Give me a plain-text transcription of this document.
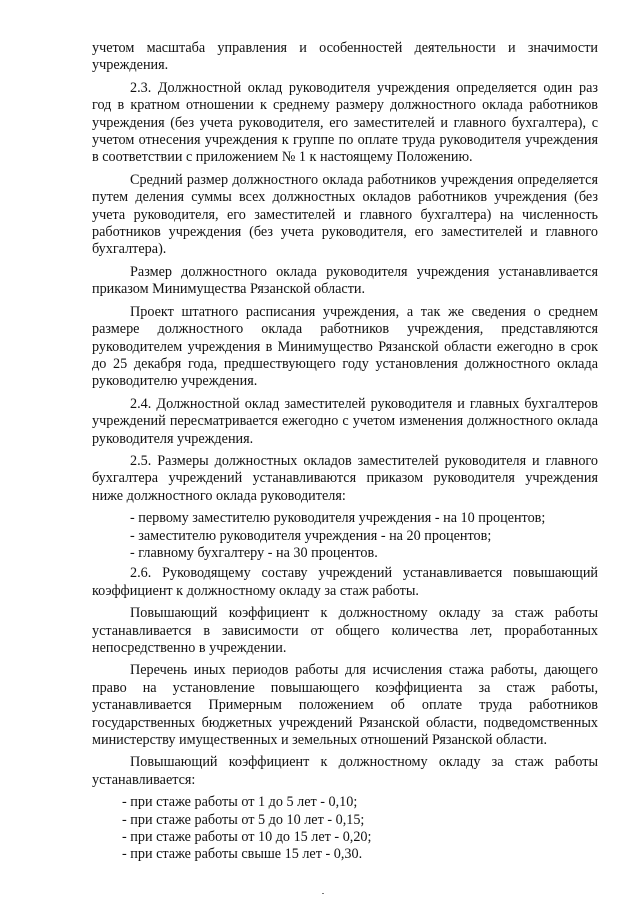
учетом масштаба управления и особенностей деятельности и значимости учреждения.

2.3. Должностной оклад руководителя учреждения определяется один раз год в кратном отношении к среднему размеру должностного оклада работников учреждения (без учета руководителя, его заместителей и главного бухгалтера), с учетом отнесения учреждения к группе по оплате труда руководителя учреждения в соответствии с приложением № 1 к настоящему Положению.

Средний размер должностного оклада работников учреждения определяется путем деления суммы всех должностных окладов работников учреждения (без учета руководителя, его заместителей и главного бухгалтера) на численность работников учреждения (без учета руководителя, его заместителей и главного бухгалтера).

Размер должностного оклада руководителя учреждения устанавливается приказом Минимущества Рязанской области.

Проект штатного расписания учреждения, а так же сведения о среднем размере должностного оклада работников учреждения, представляются руководителем учреждения в Минимущество Рязанской области ежегодно в срок до 25 декабря года, предшествующего году установления должностного оклада руководителю учреждения.

2.4. Должностной оклад заместителей руководителя и главных бухгалтеров учреждений пересматривается ежегодно с учетом изменения должностного оклада руководителя учреждения.

2.5. Размеры должностных окладов заместителей руководителя и главного бухгалтера учреждений устанавливаются приказом руководителя учреждения ниже должностного оклада руководителя:

- первому заместителю руководителя учреждения - на 10 процентов;

- заместителю руководителя учреждения - на 20 процентов;

- главному бухгалтеру - на 30 процентов.

2.6. Руководящему составу учреждений устанавливается повышающий коэффициент к должностному окладу за стаж работы.

Повышающий коэффициент к должностному окладу за стаж работы устанавливается в зависимости от общего количества лет, проработанных непосредственно в учреждении.

Перечень иных периодов работы для исчисления стажа работы, дающего право на установление повышающего коэффициента за стаж работы, устанавливается Примерным положением об оплате труда работников государственных бюджетных учреждений Рязанской области, подведомственных министерству имущественных и земельных отношений Рязанской области.

Повышающий коэффициент к должностному окладу за стаж работы устанавливается:

- при стаже работы от 1 до 5 лет - 0,10;

- при стаже работы от 5 до 10 лет - 0,15;

- при стаже работы от 10 до 15 лет - 0,20;

- при стаже работы свыше 15 лет - 0,30.
